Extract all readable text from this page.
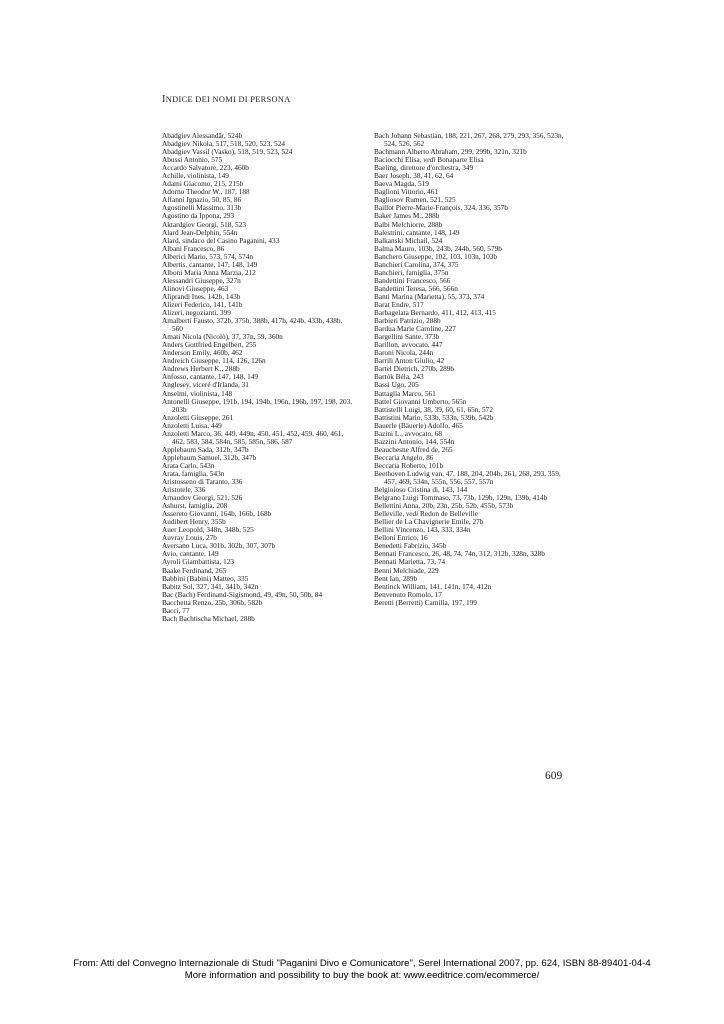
INDICE DEI NOMI DI PERSONA
Abadgiev Alessandăr, 524b
Abadgiev Nikola, 517, 518, 520, 523, 524
Abadgiev Vassil (Vasko), 518, 519, 523, 524
Abussi Antonio, 575
Accardo Salvatore, 223, 460b
Achille, violinista, 149
Adami Giacomo, 215, 215b
Adorno Theodor W., 187, 188
Affanni Ignazio, 50, 85, 86
Agostinelli Massimo, 313b
Agostino da Ippona, 293
Aktardgiev Georgi, 518, 523
Alard Jean-Delphin, 554n
Alard, sindaco del Casino Paganini, 433
Albani Francesco, 86
Alberici Mario, 573, 574, 574n
Albertis, cantante, 147, 148, 149
Alboni Maria Anna Marzia, 212
Alessandri Giuseppe, 327n
Alinovi Giuseppe, 463
Aliprandi Ines, 142b, 143b
Alizeri Federico, 141, 141b
Alizeri, negozianti, 399
Amalberti Fausto, 372b, 375b, 388b, 417b, 424b, 433b, 438b, 560
Amati Nicola (Nicolò), 37, 37n, 59, 360n
Anders Gottfried Engelbert, 255
Anderson Emily, 460b, 462
Andreich Giuseppe, 114, 126, 126n
Andrews Herbert K., 288b
Anfosso, cantante, 147, 148, 149
Anglesey, viceré d'Irlanda, 31
Anselmi, violinista, 148
Antonelli Giuseppe, 191b, 194, 194b, 196n, 196b, 197, 198, 203, 203b
Anzoletti Giuseppe, 261
Anzoletti Luisa, 449
Anzoletti Marco, 36, 449, 449n, 450, 451, 452, 459, 460, 461, 462, 583, 584, 584n, 585, 585n, 586, 587
Applebaum Sada, 312b, 347b
Applebaum Samuel, 312b, 347b
Arata Carlo, 543n
Arata, famiglia, 543n
Aristosseno di Taranto, 336
Aristotele, 336
Arnaudov Georgi, 521, 526
Ashurst, famiglia, 208
Assereto Giovanni, 164b, 166b, 168b
Audibert Henry, 355b
Auer Leopold, 348n, 348b, 525
Auvray Louis, 27b
Aversano Luca, 301b, 302b, 307, 307b
Avio, cantante, 149
Ayroli Giambattista, 123
Baake Ferdinand, 265
Babbini (Babini) Matteo, 335
Babitz Sol, 327, 341, 341b, 342n
Bac (Bach) Ferdinand-Sigismond, 49, 49n, 50, 50b, 84
Bacchetta Renzo, 25b, 306b, 582b
Bacci, 77
Bach Bachtischa Michael, 288b
Bach Johann Sebastian, 188, 221, 267, 268, 279, 293, 356, 523n, 524, 526, 562
Bachmann Alberto Abraham, 299, 299b, 321n, 321b
Baciocchi Elisa, vedi Bonaparte Elisa
Baeling, direttore d'orchestra, 349
Baer Joseph, 38, 41, 62, 64
Baeva Magda, 519
Baglioni Vittorio, 461
Bagliosov Rumen, 521, 525
Baillot Pierre-Marie-François, 324, 336, 357b
Baker James M., 288b
Balbi Melchiorre, 288b
Balestrini, cantante, 148, 149
Balkanski Michail, 524
Balma Mauro, 103b, 243b, 244b, 560, 579b
Banchero Giuseppe, 102, 103, 103n, 103b
Banchieri Carolina, 374, 375
Banchieri, famiglia, 375n
Bandettini Francesco, 566
Bandettini Teresa, 566, 566n
Banti Marina (Marietta), 55, 373, 374
Barat Endre, 517
Barbagelata Bernardo, 411, 412, 413, 415
Barbieri Patrizio, 288b
Bardua Marie Caroline, 227
Bargellini Sante, 373b
Barillon, avvocato, 447
Baroni Nicola, 244n
Barrili Anton Giulio, 42
Bartel Dietrich, 270b, 289b
Bartók Béla, 243
Bassi Ugo, 205
Battaglia Marco, 561
Battel Giovanni Umberto, 565n
Battistelli Luigi, 38, 39, 60, 61, 65n, 572
Battistini Mario, 533b, 533n, 539b, 542b
Bauerle (Bäuerle) Adolfo, 465
Bazini L., avvocato, 68
Bazzini Antonio, 144, 554n
Beauchesne Alfred de, 265
Beccaria Angelo, 86
Beccaria Roberto, 101b
Beethoven Ludwig van, 47, 188, 204, 204b, 261, 268, 293, 359, 457, 469, 534n, 555n, 556, 557, 557n
Belgioioso Cristina di, 143, 144
Belgrano Luigi Tommaso, 73, 73b, 129b, 129n, 139b, 414b
Bellettini Anna, 20b, 23n, 25b, 52b, 455b, 573b
Belleville, vedi Redon de Belleville
Bellier de La Chavignerie Emile, 27b
Bellini Vincenzo, 143, 333, 334n
Belloni Enrico, 16
Benedetti Fabrizio, 345b
Bennati Francesco, 26, 48, 74, 74n, 312, 312b, 328n, 328b
Bennati Marietta, 73, 74
Benni Melchiade, 229
Bent Ian, 289b
Bentinck William, 141, 141n, 174, 412n
Benvenuto Romolo, 17
Beretti (Berretti) Camilla, 197, 199
609
From: Atti del Convegno Internazionale di Studi "Paganini Divo e Comunicatore", Serel International 2007, pp. 624, ISBN 88-89401-04-4
More information and possibility to buy the book at: www.eeditrice.com/ecommerce/
